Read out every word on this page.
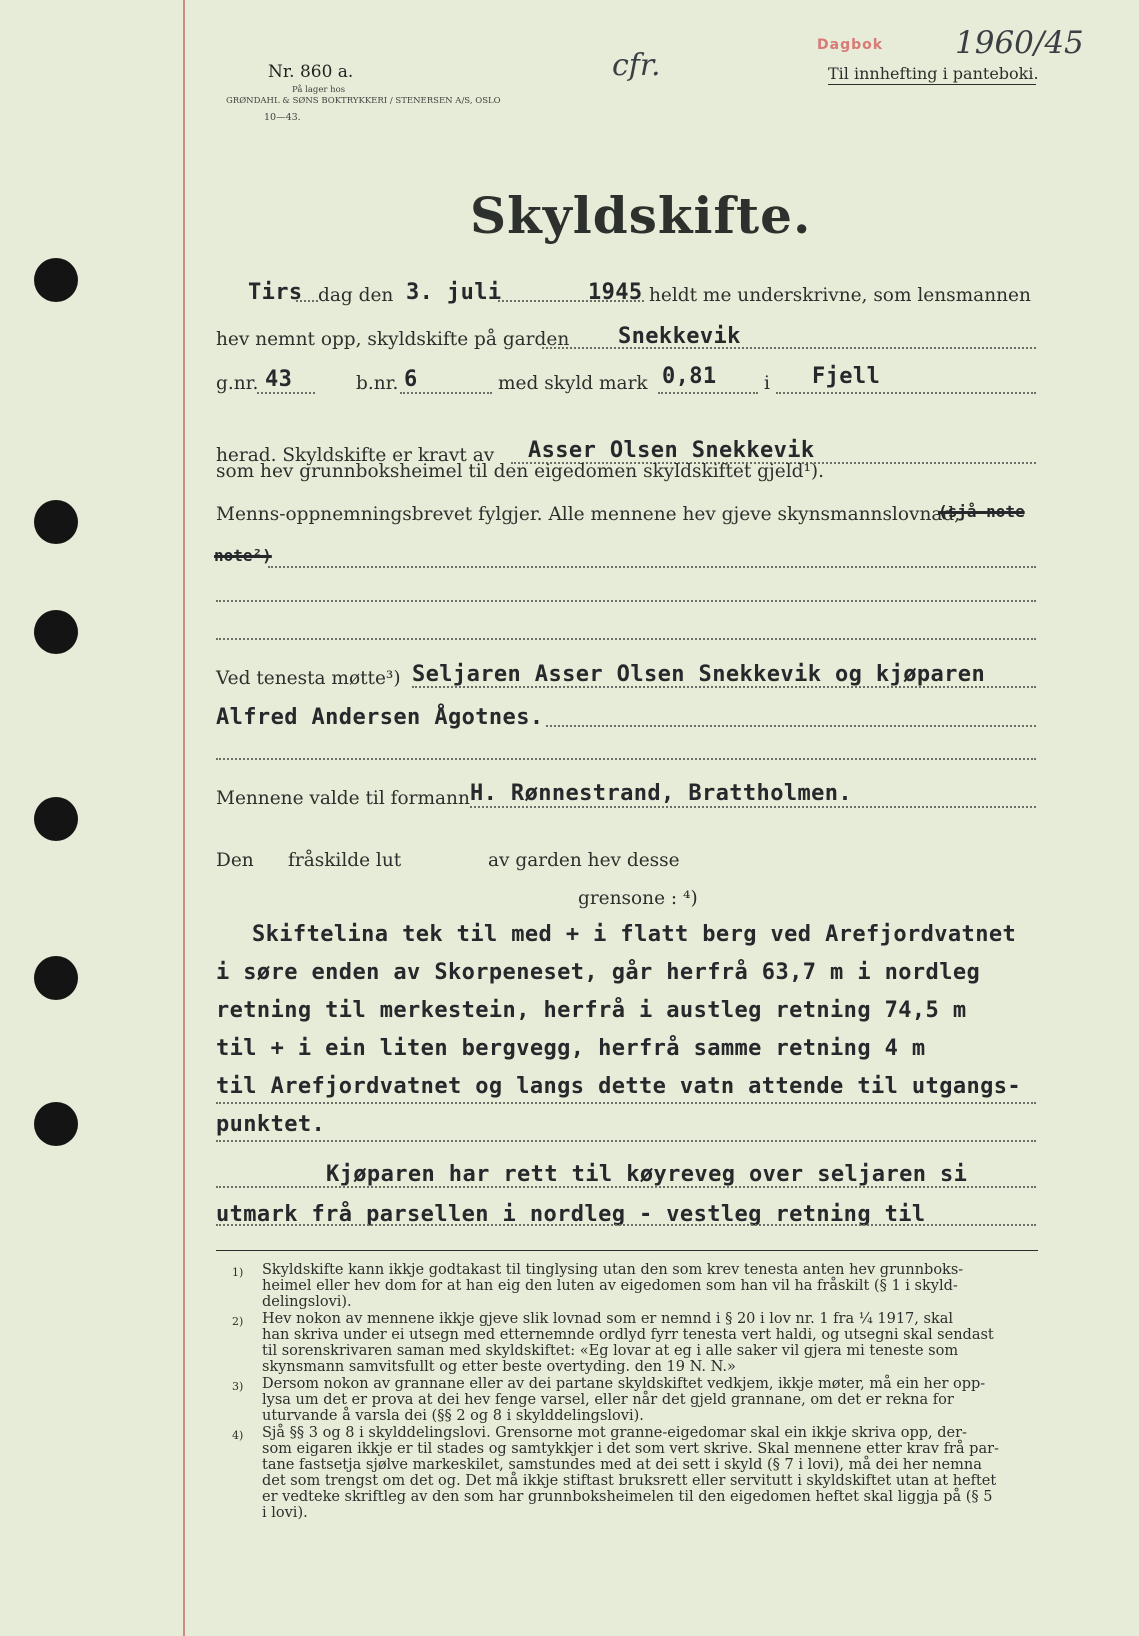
Nr. 860 a.
På lager hos
GRØNDAHL & SØNS BOKTRYKKERI / STENERSEN A/S, OSLO
10—43.
cfr.
Dagbok 1960/45
Til innhefting i panteboki.
Skyldskifte.
Tirs dag den 3. juli	1945 heldt me underskrivne, som lensmannen
hev nemnt opp, skyldskifte på garden Snekkevik
g.nr. 43	b.nr. 6	med skyld mark 0,81	i Fjell
herad. Skyldskifte er kravt av Asser Olsen Snekkevik
som hev grunnboksheimel til den eigedomen skyldskiftet gjeld¹).
Menns-oppnemningsbrevet fylgjer. Alle mennene hev gjeve skynsmannslovnad,
(sjå note
note²)
Ved tenesta møtte³) Seljaren Asser Olsen Snekkevik og kjøparen
Alfred Andersen Ågotnes.
Mennene valde til formann H. Rønnestrand, Brattholmen.
Den fråskilde lut	av garden hev desse
grensone : ⁴)
Skiftelina tek til med + i flatt berg ved Arefjordvatnet
i søre enden av Skorpeneset, går herfrå 63,7 m i nordleg
retning til merkestein, herfrå i austleg retning 74,5 m
til + i ein liten bergvegg, herfrå samme retning 4 m
til Arefjordvatnet og langs dette vatn attende til utgangs-
punktet.
Kjøparen har rett til køyreveg over seljaren si
utmark frå parsellen i nordleg - vestleg retning til
1) Skyldskifte kann ikkje godtakast til tinglysing utan den som krev tenesta anten hev grunnboks-
heimel eller hev dom for at han eig den luten av eigedomen som han vil ha fråskilt (§ 1 i skyld-
delingslovi).
2) Hev nokon av mennene ikkje gjeve slik lovnad som er nemnd i § 20 i lov nr. 1 fra ¼ 1917, skal
han skriva under ei utsegn med etternemnde ordlyd fyrr tenesta vert haldi, og utsegni skal sendast
til sorenskrivaren saman med skyldskiftet: «Eg lovar at eg i alle saker vil gjera mi teneste som
skynsmann samvitsfullt og etter beste overtyding. den 19 N. N.»
3) Dersom nokon av grannane eller av dei partane skyldskiftet vedkjem, ikkje møter, må ein her opp-
lysa um det er prova at dei hev fenge varsel, eller når det gjeld grannane, om det er rekna for
uturvande å varsla dei (§§ 2 og 8 i skylddelingslovi).
4) Sjå §§ 3 og 8 i skylddelingslovi. Grensorne mot granne-eigedomar skal ein ikkje skriva opp, der-
som eigaren ikkje er til stades og samtykkjer i det som vert skrive. Skal mennene etter krav frå par-
tane fastsetja sjølve markeskilet, samstundes med at dei sett i skyld (§ 7 i lovi), må dei her nemna
det som trengst om det og. Det må ikkje stiftast bruksrett eller servitutt i skyldskiftet utan at heftet
er vedteke skriftleg av den som har grunnboksheimelen til den eigedomen heftet skal liggja på (§ 5
i lovi).
